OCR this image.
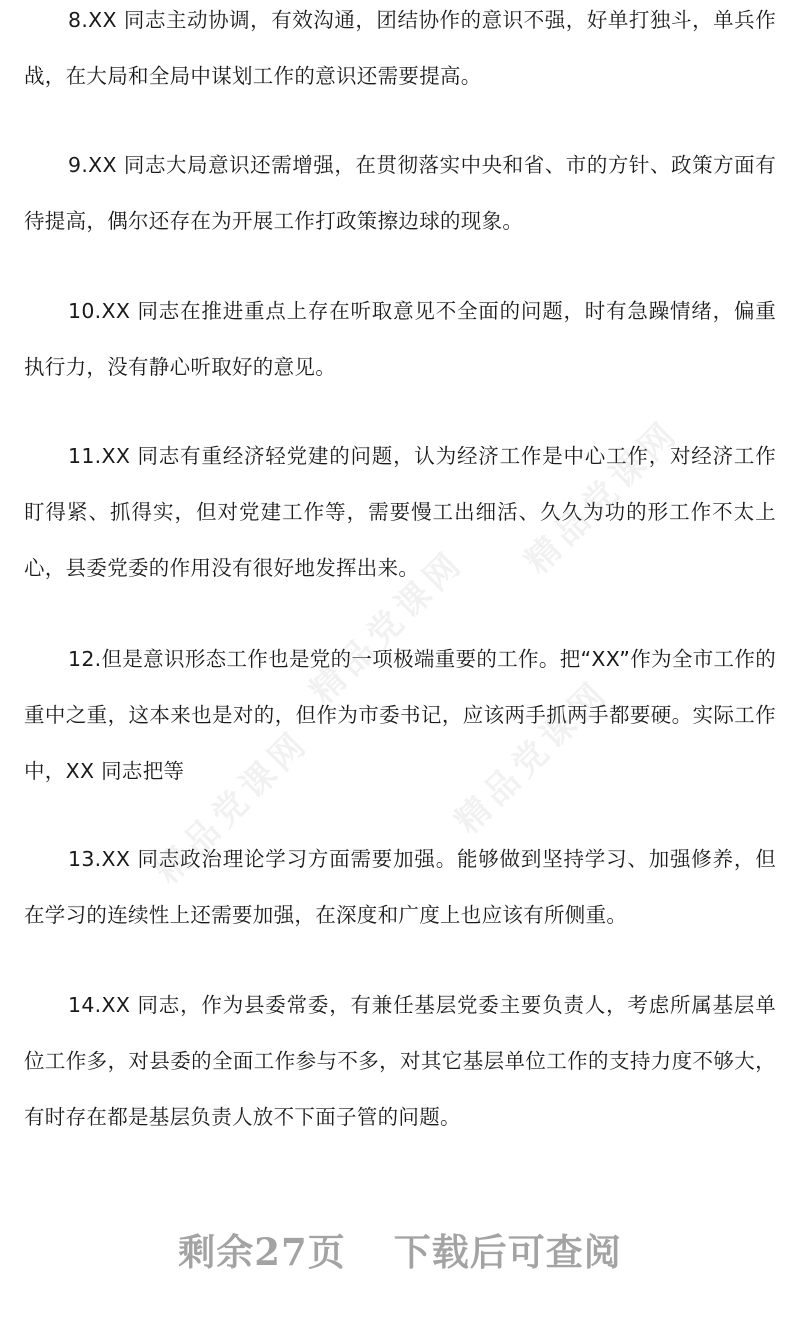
8.XX 同志主动协调，有效沟通，团结协作的意识不强，好单打独斗，单兵作战，在大局和全局中谋划工作的意识还需要提高。

9.XX 同志大局意识还需增强，在贯彻落实中央和省、市的方针、政策方面有待提高，偶尔还存在为开展工作打政策擦边球的现象。

10.XX 同志在推进重点上存在听取意见不全面的问题，时有急躁情绪，偏重执行力，没有静心听取好的意见。

11.XX 同志有重经济轻党建的问题，认为经济工作是中心工作，对经济工作盯得紧、抓得实，但对党建工作等，需要慢工出细活、久久为功的形工作不太上心，县委党委的作用没有很好地发挥出来。

12.但是意识形态工作也是党的一项极端重要的工作。把“XX”作为全市工作的重中之重，这本来也是对的，但作为市委书记，应该两手抓两手都要硬。实际工作中，XX 同志把等

13.XX 同志政治理论学习方面需要加强。能够做到坚持学习、加强修养，但在学习的连续性上还需要加强，在深度和广度上也应该有所侧重。

14.XX 同志，作为县委常委，有兼任基层党委主要负责人，考虑所属基层单位工作多，对县委的全面工作参与不多，对其它基层单位工作的支持力度不够大，有时存在都是基层负责人放不下面子管的问题。

精品党课网
精品党课网
精品党课网
精品党课网
剩余27页 下载后可查阅
